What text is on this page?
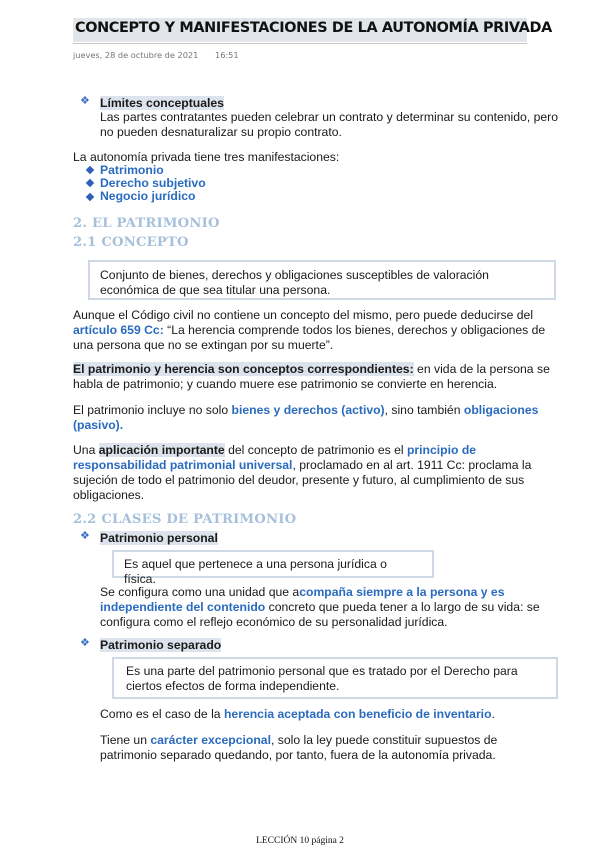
CONCEPTO Y MANIFESTACIONES DE LA AUTONOMÍA PRIVADA
jueves, 28 de octubre de 2021 16:51
❖ Límites conceptuales
Las partes contratantes pueden celebrar un contrato y determinar su contenido, pero no pueden desnaturalizar su propio contrato.
La autonomía privada tiene tres manifestaciones:
Patrimonio
Derecho subjetivo
Negocio jurídico
2. EL PATRIMONIO
2.1 CONCEPTO
Conjunto de bienes, derechos y obligaciones susceptibles de valoración económica de que sea titular una persona.
Aunque el Código civil no contiene un concepto del mismo, pero puede deducirse del artículo 659 Cc: “La herencia comprende todos los bienes, derechos y obligaciones de una persona que no se extingan por su muerte”.
El patrimonio y herencia son conceptos correspondientes: en vida de la persona se habla de patrimonio; y cuando muere ese patrimonio se convierte en herencia.
El patrimonio incluye no solo bienes y derechos (activo), sino también obligaciones (pasivo).
Una aplicación importante del concepto de patrimonio es el principio de responsabilidad patrimonial universal, proclamado en al art. 1911 Cc: proclama la sujeción de todo el patrimonio del deudor, presente y futuro, al cumplimiento de sus obligaciones.
2.2 CLASES DE PATRIMONIO
❖ Patrimonio personal
Es aquel que pertenece a una persona jurídica o física.
Se configura como una unidad que acompaña siempre a la persona y es independiente del contenido concreto que pueda tener a lo largo de su vida: se configura como el reflejo económico de su personalidad jurídica.
❖ Patrimonio separado
Es una parte del patrimonio personal que es tratado por el Derecho para ciertos efectos de forma independiente.
Como es el caso de la herencia aceptada con beneficio de inventario.
Tiene un carácter excepcional, solo la ley puede constituir supuestos de patrimonio separado quedando, por tanto, fuera de la autonomía privada.
LECCIÓN 10 página 2
